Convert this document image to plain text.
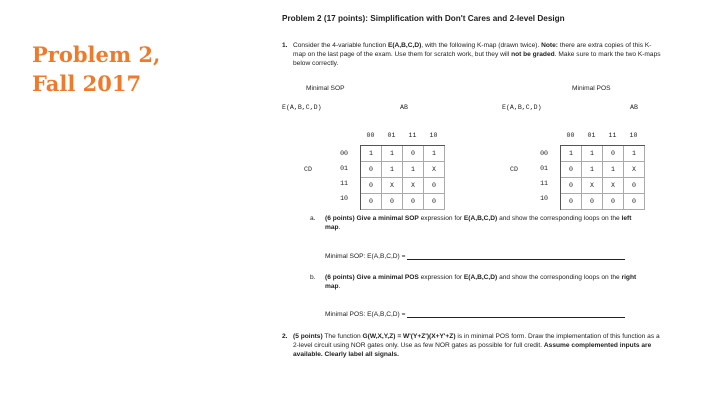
Problem 2,
Fall 2017
Problem 2 (17 points): Simplification with Don't Cares and 2-level Design
1. Consider the 4-variable function E(A,B,C,D), with the following K-map (drawn twice). Note: there are extra copies of this K-map on the last page of the exam. Use them for scratch work, but they will not be graded. Make sure to mark the two K-maps below correctly.
Minimal SOP	Minimal POS
E(A,B,C,D)	AB
CD
00	01	11	10
00
01
11
10
1	1	0	1
0	1	1	X
0	X	X	0
0	0	0	0
E(A,B,C,D)	AB
CD
00	01	11	10
00
01
11
10
1	1	0	1
0	1	1	X
0	X	X	0
0	0	0	0
a. (6 points) Give a minimal SOP expression for E(A,B,C,D) and show the corresponding loops on the left map.
Minimal SOP: E(A,B,C,D) =
b. (6 points) Give a minimal POS expression for E(A,B,C,D) and show the corresponding loops on the right map.
Minimal POS: E(A,B,C,D) =
2. (5 points) The function G(W,X,Y,Z) = W'(Y+Z')(X+Y'+Z) is in minimal POS form. Draw the implementation of this function as a 2-level circuit using NOR gates only. Use as few NOR gates as possible for full credit. Assume complemented inputs are available. Clearly label all signals.
